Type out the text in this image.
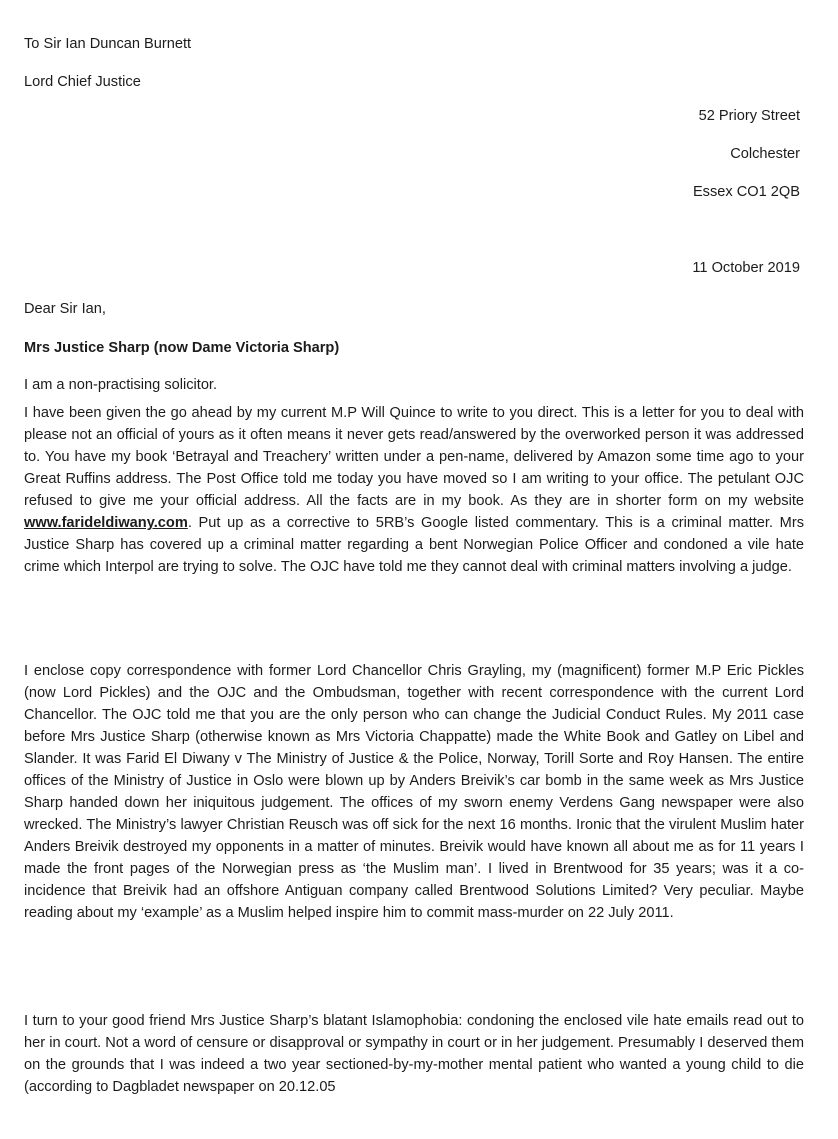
To Sir Ian Duncan Burnett
Lord Chief Justice
52 Priory Street
Colchester
Essex CO1 2QB
11 October 2019
Dear Sir Ian,
Mrs Justice Sharp (now Dame Victoria Sharp)
I am a non-practising solicitor.
I have been given the go ahead by my current M.P Will Quince to write to you direct. This is a letter for you to deal with please not an official of yours as it often means it never gets read/answered by the overworked person it was addressed to. You have my book ‘Betrayal and Treachery’ written under a pen-name, delivered by Amazon some time ago to your Great Ruffins address. The Post Office told me today you have moved so I am writing to your office. The petulant OJC refused to give me your official address. All the facts are in my book. As they are in shorter form on my website www.farideldiwany.com. Put up as a corrective to 5RB’s Google listed commentary. This is a criminal matter. Mrs Justice Sharp has covered up a criminal matter regarding a bent Norwegian Police Officer and condoned a vile hate crime which Interpol are trying to solve. The OJC have told me they cannot deal with criminal matters involving a judge.
I enclose copy correspondence with former Lord Chancellor Chris Grayling, my (magnificent) former M.P Eric Pickles (now Lord Pickles) and the OJC and the Ombudsman, together with recent correspondence with the current Lord Chancellor. The OJC told me that you are the only person who can change the Judicial Conduct Rules. My 2011 case before Mrs Justice Sharp (otherwise known as Mrs Victoria Chappatte) made the White Book and Gatley on Libel and Slander. It was Farid El Diwany v The Ministry of Justice & the Police, Norway, Torill Sorte and Roy Hansen. The entire offices of the Ministry of Justice in Oslo were blown up by Anders Breivik’s car bomb in the same week as Mrs Justice Sharp handed down her iniquitous judgement. The offices of my sworn enemy Verdens Gang newspaper were also wrecked. The Ministry’s lawyer Christian Reusch was off sick for the next 16 months. Ironic that the virulent Muslim hater Anders Breivik destroyed my opponents in a matter of minutes. Breivik would have known all about me as for 11 years I made the front pages of the Norwegian press as ‘the Muslim man’. I lived in Brentwood for 35 years; was it a co-incidence that Breivik had an offshore Antiguan company called Brentwood Solutions Limited? Very peculiar. Maybe reading about my ‘example’ as a Muslim helped inspire him to commit mass-murder on 22 July 2011.
I turn to your good friend Mrs Justice Sharp’s blatant Islamophobia: condoning the enclosed vile hate emails read out to her in court. Not a word of censure or disapproval or sympathy in court or in her judgement. Presumably I deserved them on the grounds that I was indeed a two year sectioned-by-my-mother mental patient who wanted a young child to die (according to Dagbladet newspaper on 20.12.05
